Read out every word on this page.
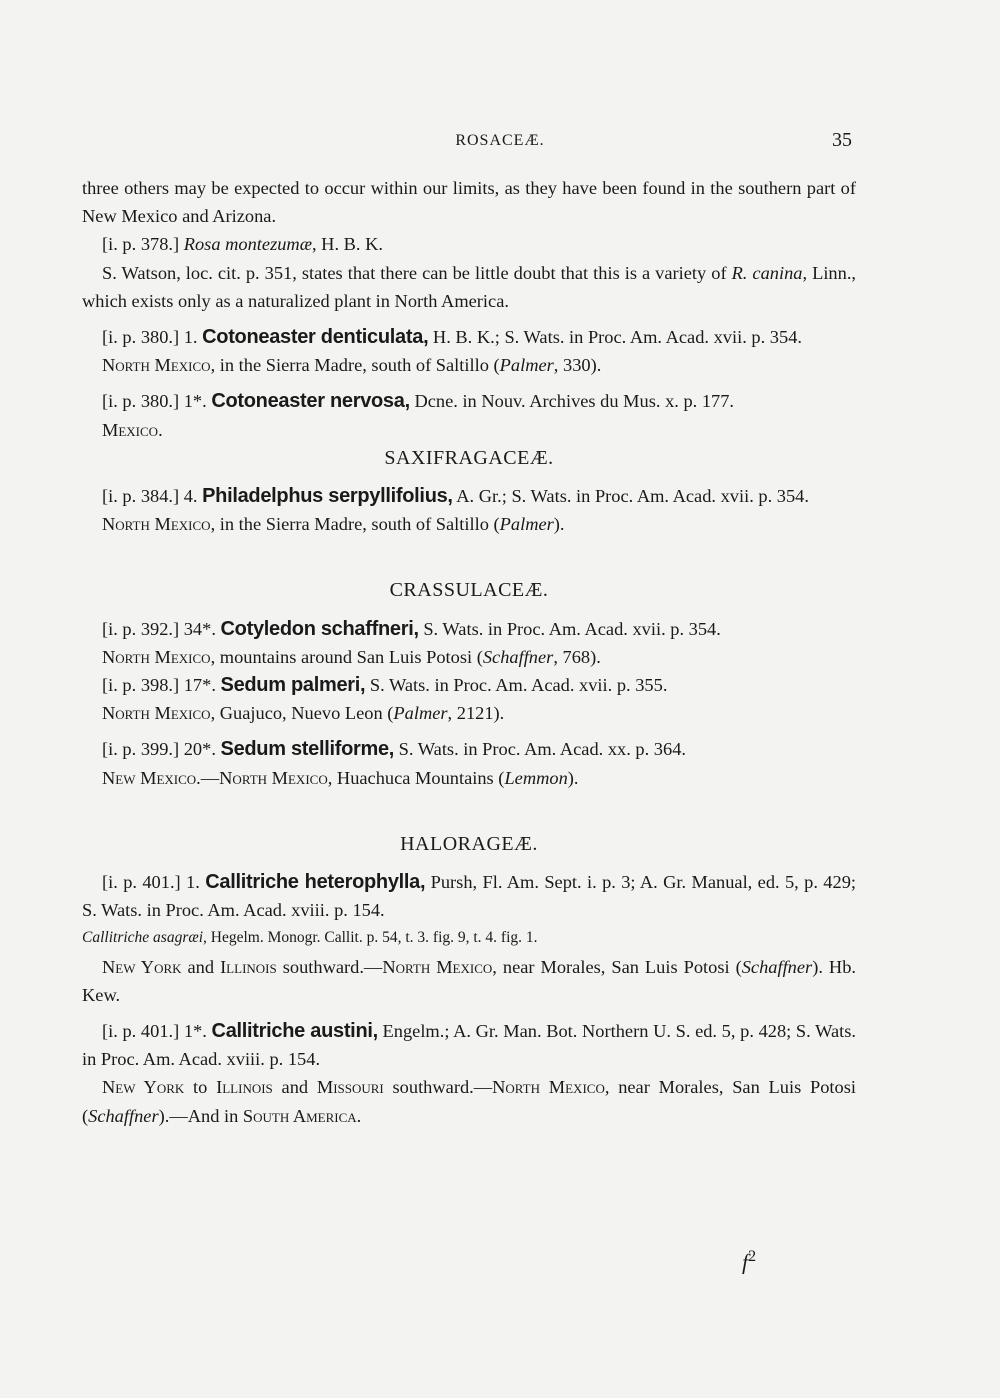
ROSACEÆ.	35

three others may be expected to occur within our limits, as they have been found in the southern part of New Mexico and Arizona.

[i. p. 378.] Rosa montezumæ, H. B. K.

S. Watson, loc. cit. p. 351, states that there can be little doubt that this is a variety of R. canina, Linn., which exists only as a naturalized plant in North America.

[i. p. 380.] 1. Cotoneaster denticulata, H. B. K.; S. Wats. in Proc. Am. Acad. xvii. p. 354.

North Mexico, in the Sierra Madre, south of Saltillo (Palmer, 330).

[i. p. 380.] 1*. Cotoneaster nervosa, Dcne. in Nouv. Archives du Mus. x. p. 177.

Mexico.

SAXIFRAGACEÆ.

[i. p. 384.] 4. Philadelphus serpyllifolius, A. Gr.; S. Wats. in Proc. Am. Acad. xvii. p. 354.

North Mexico, in the Sierra Madre, south of Saltillo (Palmer).

CRASSULACEÆ.

[i. p. 392.] 34*. Cotyledon schaffneri, S. Wats. in Proc. Am. Acad. xvii. p. 354.

North Mexico, mountains around San Luis Potosi (Schaffner, 768).

[i. p. 398.] 17*. Sedum palmeri, S. Wats. in Proc. Am. Acad. xvii. p. 355.

North Mexico, Guajuco, Nuevo Leon (Palmer, 2121).

[i. p. 399.] 20*. Sedum stelliforme, S. Wats. in Proc. Am. Acad. xx. p. 364.

New Mexico.—North Mexico, Huachuca Mountains (Lemmon).

HALORAGEÆ.

[i. p. 401.] 1. Callitriche heterophylla, Pursh, Fl. Am. Sept. i. p. 3; A. Gr. Manual, ed. 5, p. 429; S. Wats. in Proc. Am. Acad. xviii. p. 154.

Callitriche asagræi, Hegelm. Monogr. Callit. p. 54, t. 3. fig. 9, t. 4. fig. 1.

New York and Illinois southward.—North Mexico, near Morales, San Luis Potosi (Schaffner). Hb. Kew.

[i. p. 401.] 1*. Callitriche austini, Engelm.; A. Gr. Man. Bot. Northern U. S. ed. 5, p. 428; S. Wats. in Proc. Am. Acad. xviii. p. 154.

New York to Illinois and Missouri southward.—North Mexico, near Morales, San Luis Potosi (Schaffner).—And in South America.

$f^2$
